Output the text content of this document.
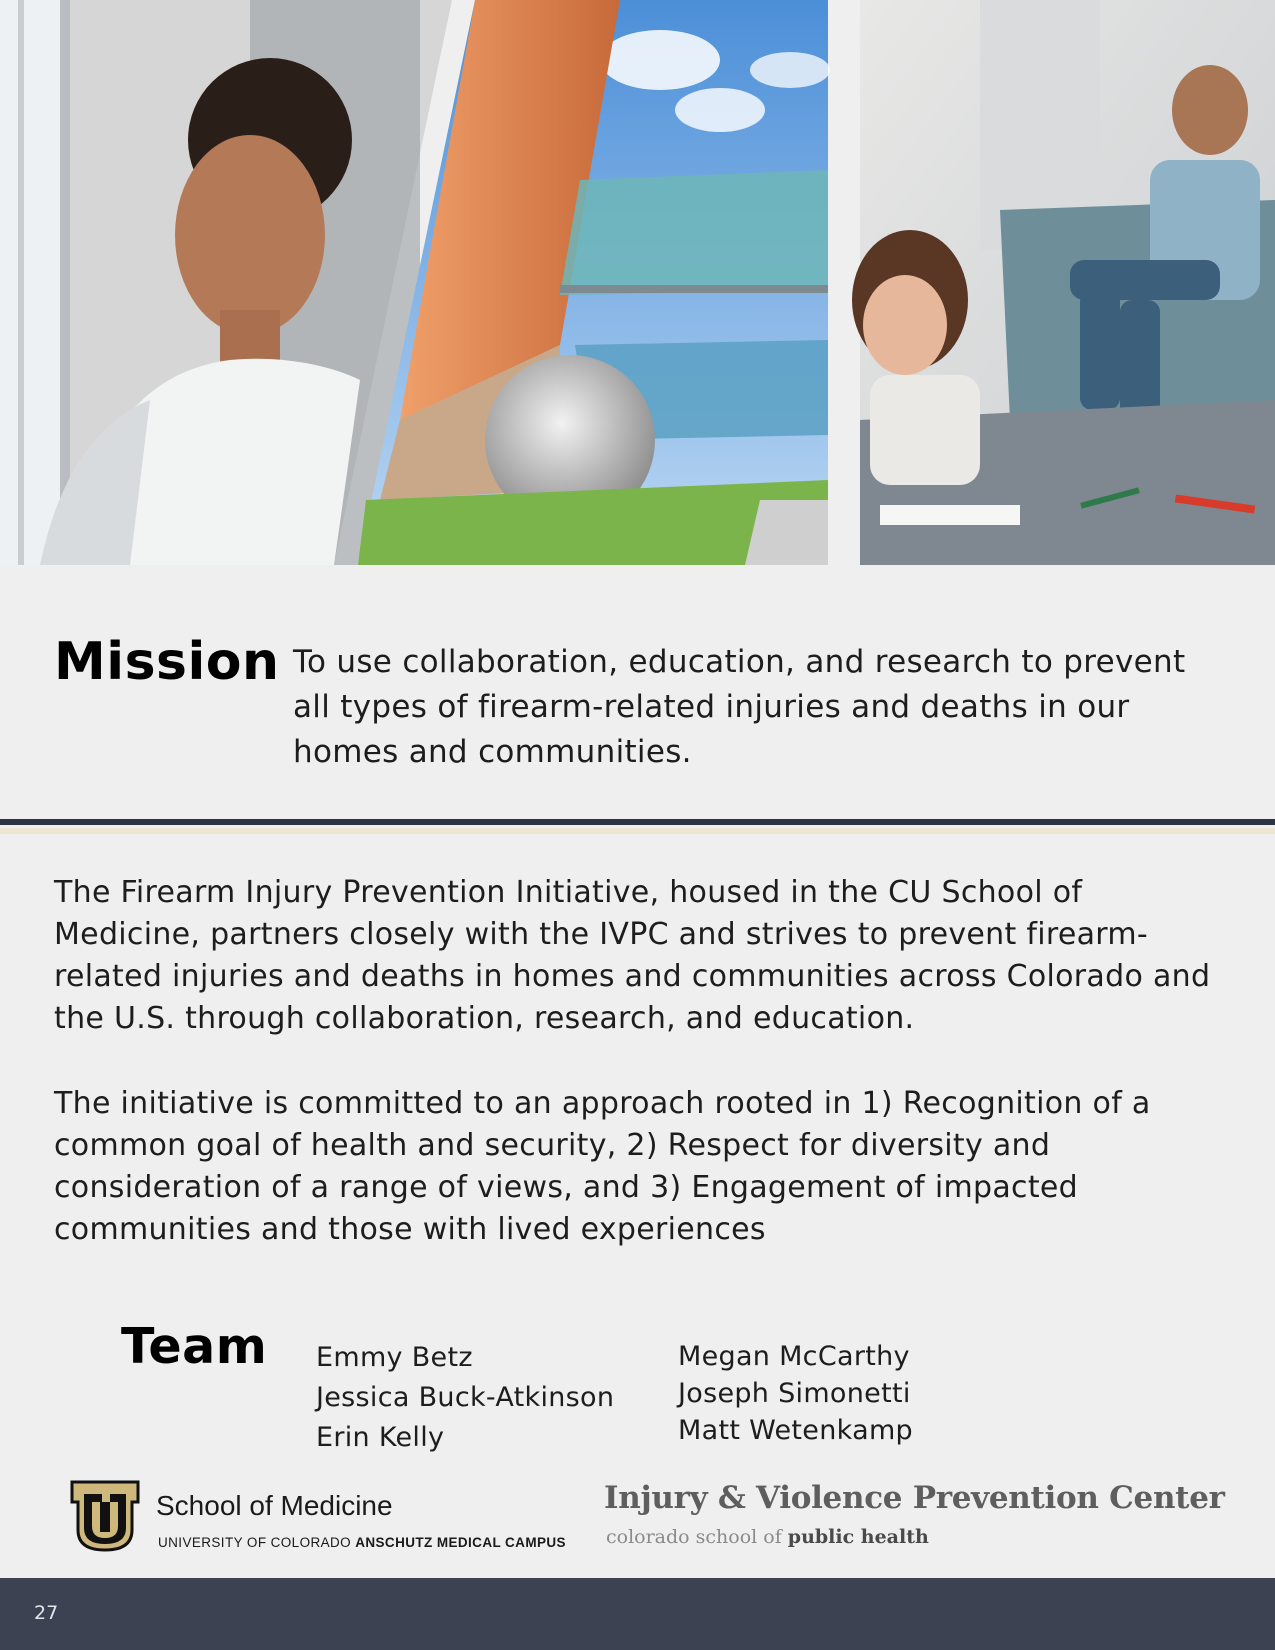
Mission To use collaboration, education, and research to prevent all types of firearm-related injuries and deaths in our homes and communities.

The Firearm Injury Prevention Initiative, housed in the CU School of Medicine, partners closely with the IVPC and strives to prevent firearm-related injuries and deaths in homes and communities across Colorado and the U.S. through collaboration, research, and education.

The initiative is committed to an approach rooted in 1) Recognition of a common goal of health and security, 2) Respect for diversity and consideration of a range of views, and 3) Engagement of impacted communities and those with lived experiences

Team Emmy Betz
Jessica Buck-Atkinson
Erin Kelly
Megan McCarthy
Joseph Simonetti
Matt Wetenkamp
School of Medicine
UNIVERSITY OF COLORADO ANSCHUTZ MEDICAL CAMPUS
Injury & Violence Prevention Center
colorado school of public health
27
